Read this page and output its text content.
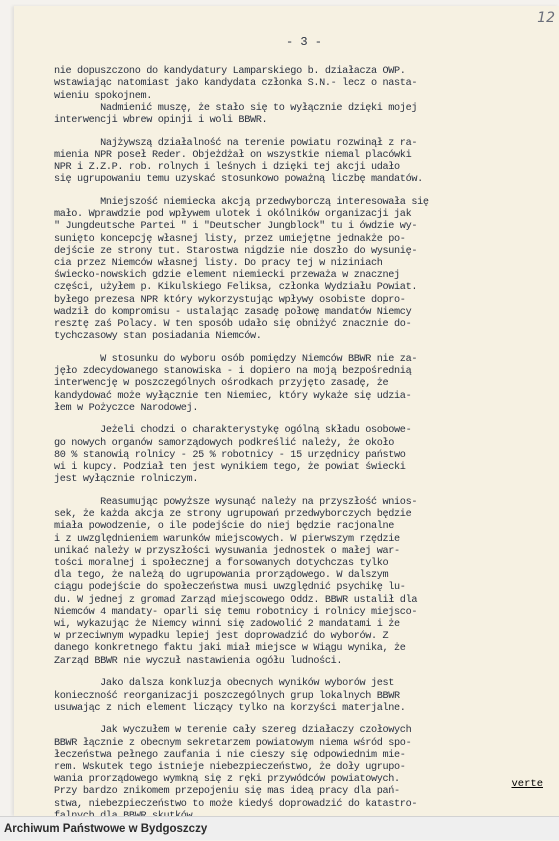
12
- 3 -
nie dopuszczono do kandydatury Lamparskiego b. działacza OWP.
wstawiając natomiast jako kandydata członka S.N.- lecz o nasta-
wieniu spokojnem.
Nadmienić muszę, że stało się to wyłącznie dzięki mojej
interwencji wbrew opinji i woli BBWR.
Najżywszą działalność na terenie powiatu rozwinął z ra-
mienia NPR poseł Reder. Objeżdżał on wszystkie niemal placówki
NPR i Z.Z.P. rob. rolnych i leśnych i dzięki tej akcji udało
się ugrupowaniu temu uzyskać stosunkowo poważną liczbę mandatów.
Mniejszość niemiecka akcją przedwyborczą interesowała się
mało. Wprawdzie pod wpływem ulotek i okólników organizacji jak
" Jungdeutsche Partei " i "Deutscher Jungblock" tu i ówdzie wy-
sunięto koncepcję własnej listy, przez umiejętne jednakże po-
dejście ze strony tut. Starostwa nigdzie nie doszło do wysunię-
cia przez Niemców własnej listy. Do pracy tej w niziniach
świecko-nowskich gdzie element niemiecki przeważa w znacznej
części, użyłem p. Kikulskiego Feliksa, członka Wydziału Powiat.
byłego prezesa NPR który wykorzystując wpływy osobiste dopro-
wadził do kompromisu - ustalając zasadę połowę mandatów Niemcy
resztę zaś Polacy. W ten sposób udało się obniżyć znacznie do-
tychczasowy stan posiadania Niemców.
W stosunku do wyboru osób pomiędzy Niemców BBWR nie za-
jęło zdecydowanego stanowiska - i dopiero na moją bezpośrednią
interwencję w poszczególnych ośrodkach przyjęto zasadę, że
kandydować może wyłącznie ten Niemiec, który wykaże się udzia-
łem w Pożyczce Narodowej.
Jeżeli chodzi o charakterystykę ogólną składu osobowe-
go nowych organów samorządowych podkreślić należy, że około
80 % stanowią rolnicy - 25 % robotnicy - 15 urzędnicy państwo
wi i kupcy. Podział ten jest wynikiem tego, że powiat świecki
jest wyłącznie rolniczym.
Reasumując powyższe wysunąć należy na przyszłość wnios-
sek, że każda akcja ze strony ugrupowań przedwyborczych będzie
miała powodzenie, o ile podejście do niej będzie racjonalne
i z uwzględnieniem warunków miejscowych. W pierwszym rzędzie
unikać należy w przyszłości wysuwania jednostek o małej war-
tości moralnej i społecznej a forsowanych dotychczas tylko
dla tego, że należą do ugrupowania prorządowego. W dalszym
ciągu podejście do społeczeństwa musi uwzględnić psychikę lu-
du. W jednej z gromad Zarząd miejscowego Oddz. BBWR ustalił dla
Niemców 4 mandaty- oparli się temu robotnicy i rolnicy miejsco-
wi, wykazując że Niemcy winni się zadowolić 2 mandatami i że
w przeciwnym wypadku lepiej jest doprowadzić do wyborów. Z
danego konkretnego faktu jaki miał miejsce w Wiągu wynika, że
Zarząd BBWR nie wyczuł nastawienia ogółu ludności.
Jako dalsza konkluzja obecnych wyników wyborów jest
konieczność reorganizacji poszczególnych grup lokalnych BBWR
usuwając z nich element liczący tylko na korzyści materjalne.
Jak wyczułem w terenie cały szereg działaczy czołowych
BBWR łącznie z obecnym sekretarzem powiatowym niema wśród spo-
łeczeństwa pełnego zaufania i nie cieszy się odpowiednim mie-
rem. Wskutek tego istnieje niebezpieczeństwo, że doły ugrupo-
wania prorządowego wymkną się z ręki przywódców powiatowych.
Przy bardzo znikomem przepojeniu się mas ideą pracy dla pań-
stwa, niebezpieczeństwo to może kiedyś doprowadzić do katastro-
verte
Archiwum Państwowe w Bydgoszczy
